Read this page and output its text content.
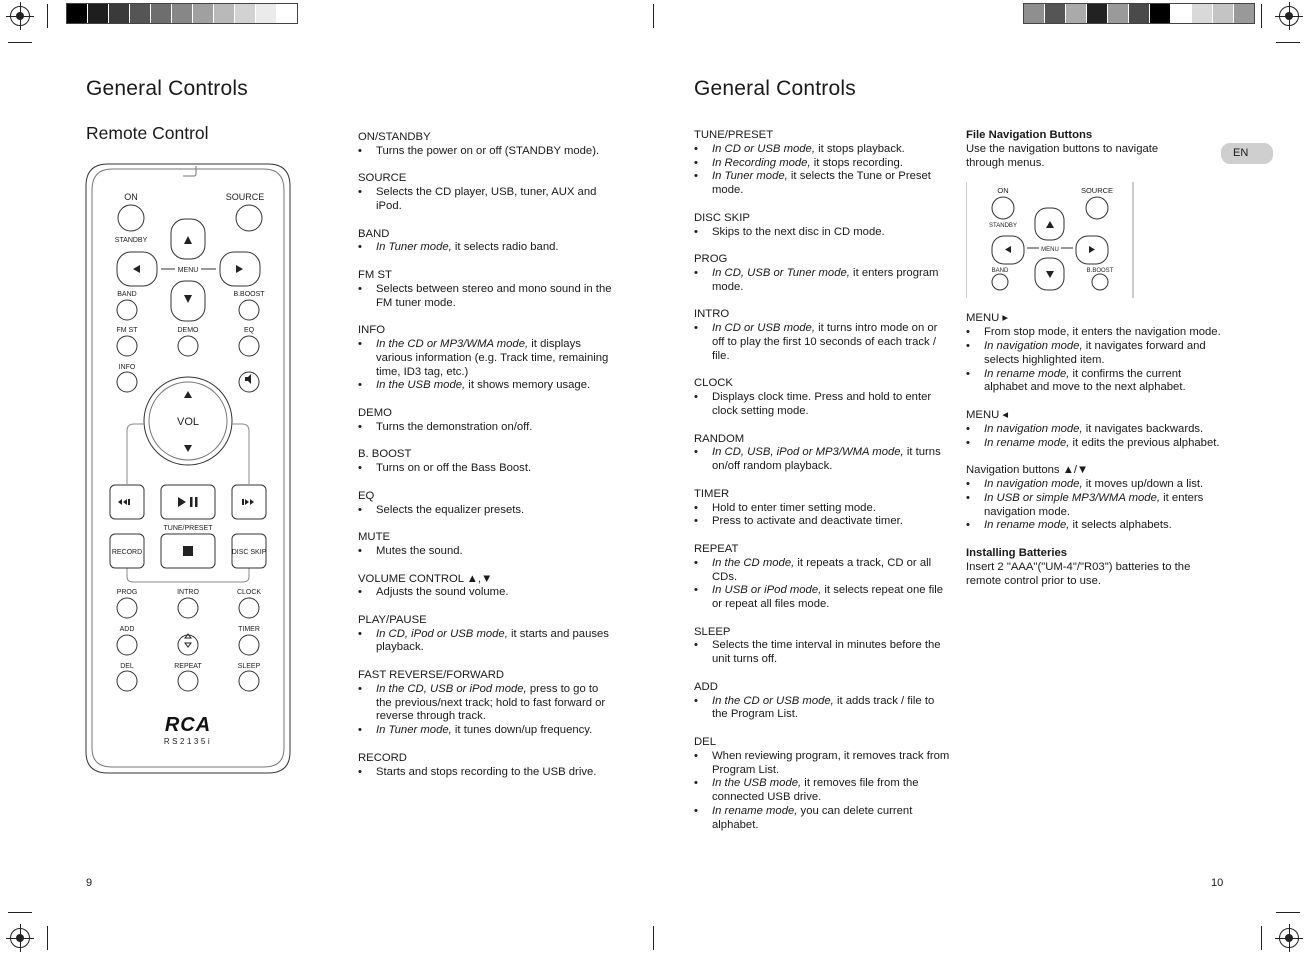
General Controls
Remote Control
ON	SOURCE
STANDBY
MENU
BAND	B.BOOST
FM ST	DEMO	EQ
INFO
TUNE/PRESET
RECORD	DISC SKIP
PROG	INTRO	CLOCK
ADD	TIMER
DEL	REPEAT	SLEEP
VOL
RCA
RS2135i
ON/STANDBY
• Turns the power on or off (STANDBY mode).
SOURCE
• Selects the CD player, USB, tuner, AUX and iPod.
BAND
• In Tuner mode, it selects radio band.
FM ST
• Selects between stereo and mono sound in the FM tuner mode.
INFO
• In the CD or MP3/WMA mode, it displays various information (e.g. Track time, remaining time, ID3 tag, etc.)
• In the USB mode, it shows memory usage.
DEMO
• Turns the demonstration on/off.
B. BOOST
• Turns on or off the Bass Boost.
EQ
• Selects the equalizer presets.
MUTE
• Mutes the sound.
VOLUME CONTROL ▲,▼
• Adjusts the sound volume.
PLAY/PAUSE
• In CD, iPod or USB mode, it starts and pauses playback.
FAST REVERSE/FORWARD
• In the CD, USB or iPod mode, press to go to the previous/next track; hold to fast forward or reverse through track.
• In Tuner mode, it tunes down/up frequency.
RECORD
• Starts and stops recording to the USB drive.
9
General Controls
TUNE/PRESET
• In CD or USB mode, it stops playback.
• In Recording mode, it stops recording.
• In Tuner mode, it selects the Tune or Preset mode.
DISC SKIP
• Skips to the next disc in CD mode.
PROG
• In CD, USB or Tuner mode, it enters program mode.
INTRO
• In CD or USB mode, it turns intro mode on or off to play the first 10 seconds of each track / file.
CLOCK
• Displays clock time. Press and hold to enter clock setting mode.
RANDOM
• In CD, USB, iPod or MP3/WMA mode, it turns on/off random playback.
TIMER
• Hold to enter timer setting mode.
• Press to activate and deactivate timer.
REPEAT
• In the CD mode, it repeats a track, CD or all CDs.
• In USB or iPod mode, it selects repeat one file or repeat all files mode.
SLEEP
• Selects the time interval in minutes before the unit turns off.
ADD
• In the CD or USB mode, it adds track / file to the Program List.
DEL
• When reviewing program, it removes track from Program List.
• In the USB mode, it removes file from the connected USB drive.
• In rename mode, you can delete current alphabet.
File Navigation Buttons
Use the navigation buttons to navigate through menus.
ON	SOURCE
STANDBY
MENU
BAND	B.BOOST
MENU ▸
• From stop mode, it enters the navigation mode.
• In navigation mode, it navigates forward and selects highlighted item.
• In rename mode, it confirms the current alphabet and move to the next alphabet.
MENU ◂
• In navigation mode, it navigates backwards.
• In rename mode, it edits the previous alphabet.
Navigation buttons ▲/▼
• In navigation mode, it moves up/down a list.
• In USB or simple MP3/WMA mode, it enters navigation mode.
• In rename mode, it selects alphabets.
Installing Batteries
Insert 2 "AAA"("UM-4"/"R03") batteries to the remote control prior to use.
EN
10
